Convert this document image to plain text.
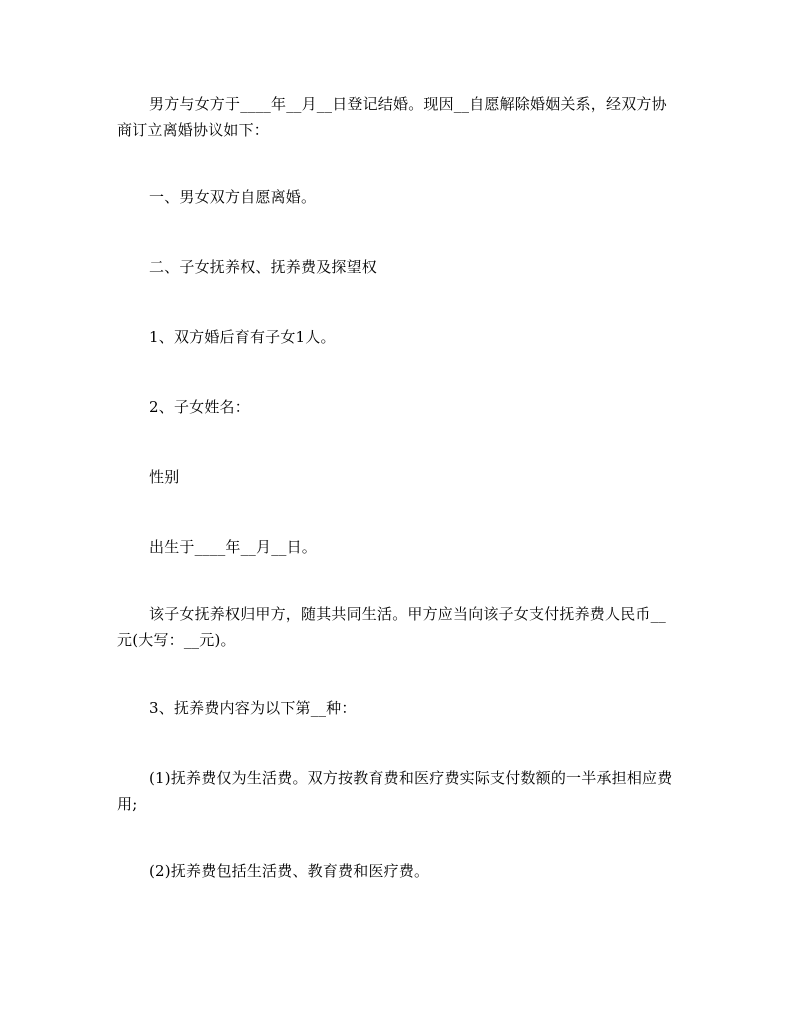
男方与女方于____年__月__日登记结婚。现因__自愿解除婚姻关系，经双方协商订立离婚协议如下：

一、男女双方自愿离婚。

二、子女抚养权、抚养费及探望权

1、双方婚后育有子女1人。

2、子女姓名：

性别

出生于____年__月__日。

该子女抚养权归甲方，随其共同生活。甲方应当向该子女支付抚养费人民币__元(大写：__元)。

3、抚养费内容为以下第__种：

(1)抚养费仅为生活费。双方按教育费和医疗费实际支付数额的一半承担相应费用;

(2)抚养费包括生活费、教育费和医疗费。
